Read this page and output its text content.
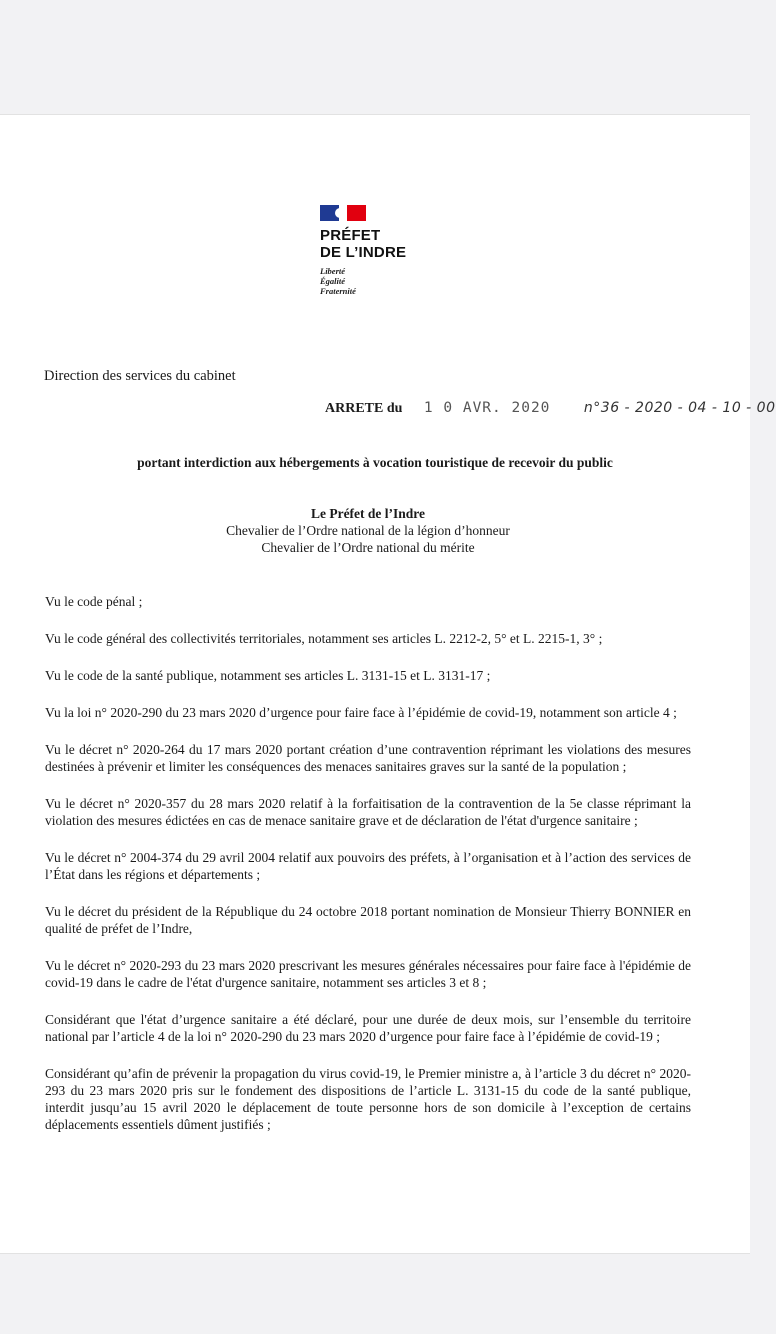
PRÉFET
DE L’INDRE
Liberté
Égalité
Fraternité
Direction des services du cabinet
ARRETE du 1 0 AVR. 2020 n°36 - 2020 - 04 - 10 - 00
portant interdiction aux hébergements à vocation touristique de recevoir du public
Le Préfet de l’Indre
Chevalier de l’Ordre national de la légion d’honneur
Chevalier de l’Ordre national du mérite

Vu le code pénal ;

Vu le code général des collectivités territoriales, notamment ses articles L. 2212-2, 5° et L. 2215-1, 3° ;

Vu le code de la santé publique, notamment ses articles L. 3131-15 et L. 3131-17 ;

Vu la loi n° 2020-290 du 23 mars 2020 d’urgence pour faire face à l’épidémie de covid-19, notamment son article 4 ;

Vu le décret n° 2020-264 du 17 mars 2020 portant création d’une contravention réprimant les violations des mesures destinées à prévenir et limiter les conséquences des menaces sanitaires graves sur la santé de la population ;

Vu le décret n° 2020-357 du 28 mars 2020 relatif à la forfaitisation de la contravention de la 5e classe réprimant la violation des mesures édictées en cas de menace sanitaire grave et de déclaration de l'état d'urgence sanitaire ;

Vu le décret n° 2004-374 du 29 avril 2004 relatif aux pouvoirs des préfets, à l’organisation et à l’action des services de l’État dans les régions et départements ;

Vu le décret du président de la République du 24 octobre 2018 portant nomination de Monsieur Thierry BONNIER en qualité de préfet de l’Indre,

Vu le décret n° 2020-293 du 23 mars 2020 prescrivant les mesures générales nécessaires pour faire face à l'épidémie de covid-19 dans le cadre de l'état d'urgence sanitaire, notamment ses articles 3 et 8 ;

Considérant que l'état d’urgence sanitaire a été déclaré, pour une durée de deux mois, sur l’ensemble du territoire national par l’article 4 de la loi n° 2020-290 du 23 mars 2020 d’urgence pour faire face à l’épidémie de covid-19 ;

Considérant qu’afin de prévenir la propagation du virus covid-19, le Premier ministre a, à l’article 3 du décret n° 2020-293 du 23 mars 2020 pris sur le fondement des dispositions de l’article L. 3131-15 du code de la santé publique, interdit jusqu’au 15 avril 2020 le déplacement de toute personne hors de son domicile à l’exception de certains déplacements essentiels dûment justifiés ;
